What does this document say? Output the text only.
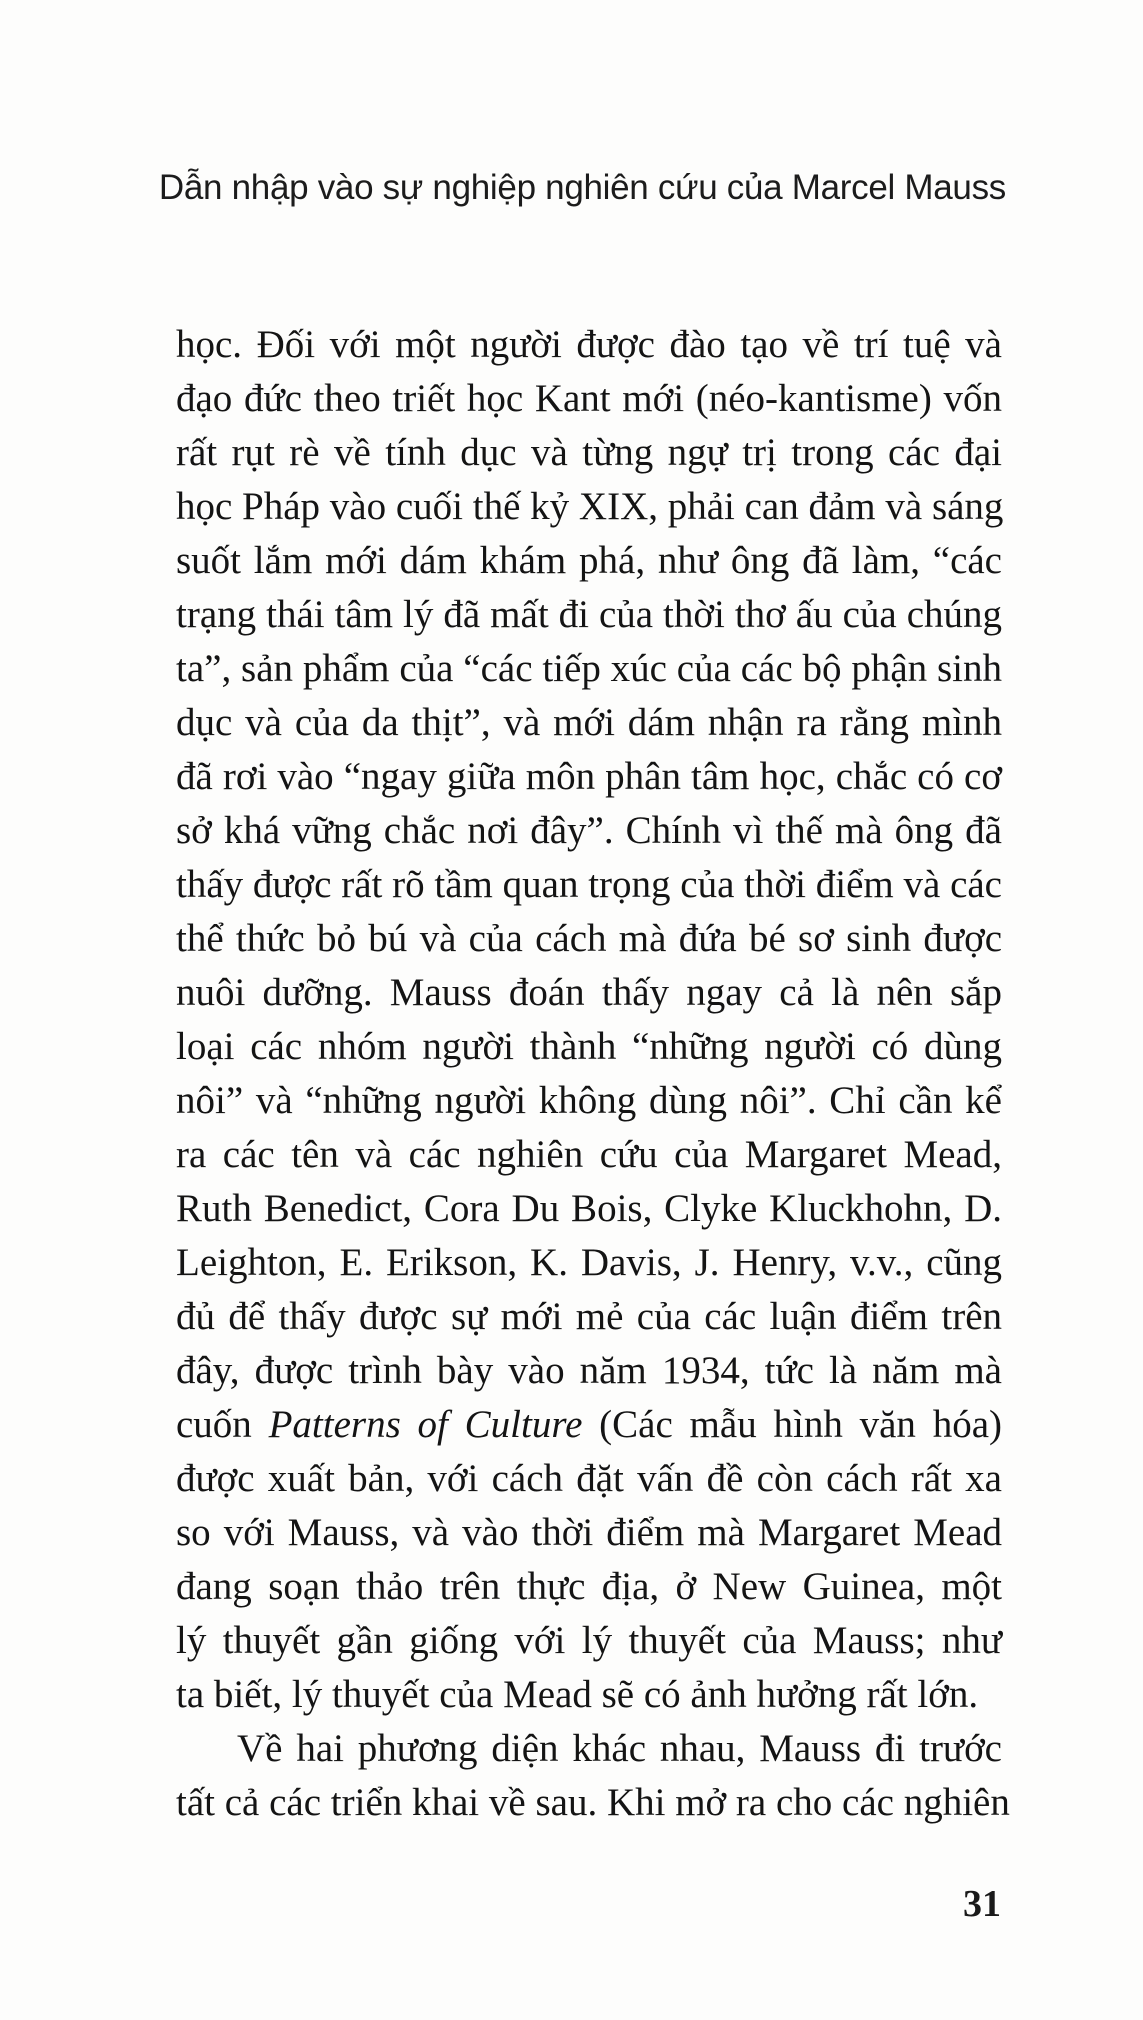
Dẫn nhập vào sự nghiệp nghiên cứu của Marcel Mauss
học. Đối với một người được đào tạo về trí tuệ và
đạo đức theo triết học Kant mới (néo-kantisme) vốn
rất rụt rè về tính dục và từng ngự trị trong các đại
học Pháp vào cuối thế kỷ XIX, phải can đảm và sáng
suốt lắm mới dám khám phá, như ông đã làm, “các
trạng thái tâm lý đã mất đi của thời thơ ấu của chúng
ta”, sản phẩm của “các tiếp xúc của các bộ phận sinh
dục và của da thịt”, và mới dám nhận ra rằng mình
đã rơi vào “ngay giữa môn phân tâm học, chắc có cơ
sở khá vững chắc nơi đây”. Chính vì thế mà ông đã
thấy được rất rõ tầm quan trọng của thời điểm và các
thể thức bỏ bú và của cách mà đứa bé sơ sinh được
nuôi dưỡng. Mauss đoán thấy ngay cả là nên sắp
loại các nhóm người thành “những người có dùng
nôi” và “những người không dùng nôi”. Chỉ cần kể
ra các tên và các nghiên cứu của Margaret Mead,
Ruth Benedict, Cora Du Bois, Clyke Kluckhohn, D.
Leighton, E. Erikson, K. Davis, J. Henry, v.v., cũng
đủ để thấy được sự mới mẻ của các luận điểm trên
đây, được trình bày vào năm 1934, tức là năm mà
cuốn Patterns of Culture (Các mẫu hình văn hóa)
được xuất bản, với cách đặt vấn đề còn cách rất xa
so với Mauss, và vào thời điểm mà Margaret Mead
đang soạn thảo trên thực địa, ở New Guinea, một
lý thuyết gần giống với lý thuyết của Mauss; như
ta biết, lý thuyết của Mead sẽ có ảnh hưởng rất lớn.
Về hai phương diện khác nhau, Mauss đi trước
tất cả các triển khai về sau. Khi mở ra cho các nghiên
31
